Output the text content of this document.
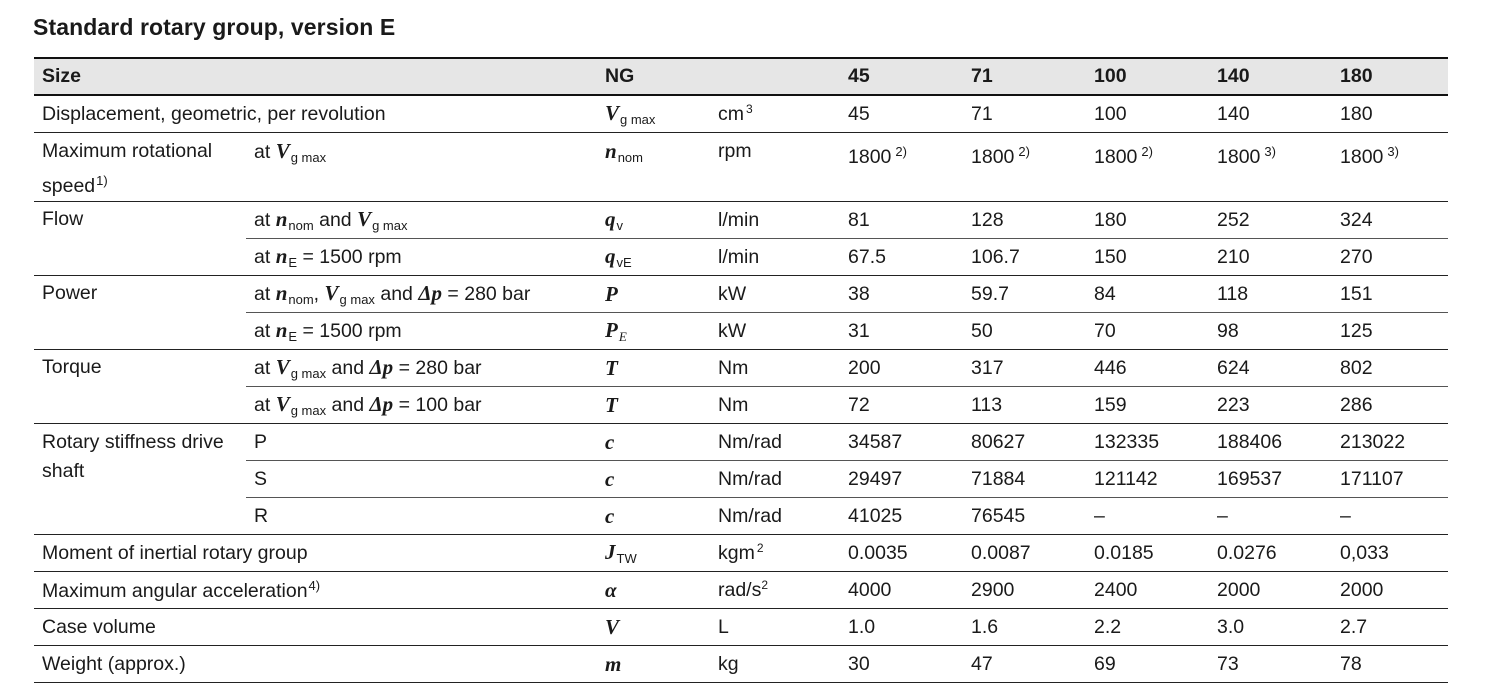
Standard rotary group, version E
Size		NG		45	71	100	140	180
Displacement, geometric, per revolution		$V_{g max}$	cm $^3$	45	71	100	140	180
Maximum rotational speed$^{1)}$	at $V_{g max}$	$n_{nom}$	rpm	1800 $^{2)}$	1800 $^{2)}$	1800 $^{2)}$	1800 $^{3)}$	1800 $^{3)}$
Flow	at $n_{nom}$ and $V_{g max}$	$q_v$	l/min	81	128	180	252	324
	at $n_E = 1500$ rpm	$q_{vE}$	l/min	67.5	106.7	150	210	270
Power	at $n_{nom}$, $V_{g max}$ and Δp = 280 bar	P	kW	38	59.7	84	118	151
	at $n_E = 1500$ rpm	$P_E$	kW	31	50	70	98	125
Torque	at $V_{g max}$ and Δp = 280 bar	T	Nm	200	317	446	624	802
	at $V_{g max}$ and Δp = 100 bar	T	Nm	72	113	159	223	286
Rotary stiffness drive shaft	P	c	Nm/rad	34587	80627	132335	188406	213022
	S	c	Nm/rad	29497	71884	121142	169537	171107
	R	c	Nm/rad	41025	76545	–	–	–
Moment of inertial rotary group		$J_{TW}$	kgm $^2$	0.0035	0.0087	0.0185	0.0276	0,033
Maximum angular acceleration$^{4)}$		α	rad/$s^2$	4000	2900	2400	2000	2000
Case volume		V	L	1.0	1.6	2.2	3.0	2.7
Weight (approx.)		m	kg	30	47	69	73	78
